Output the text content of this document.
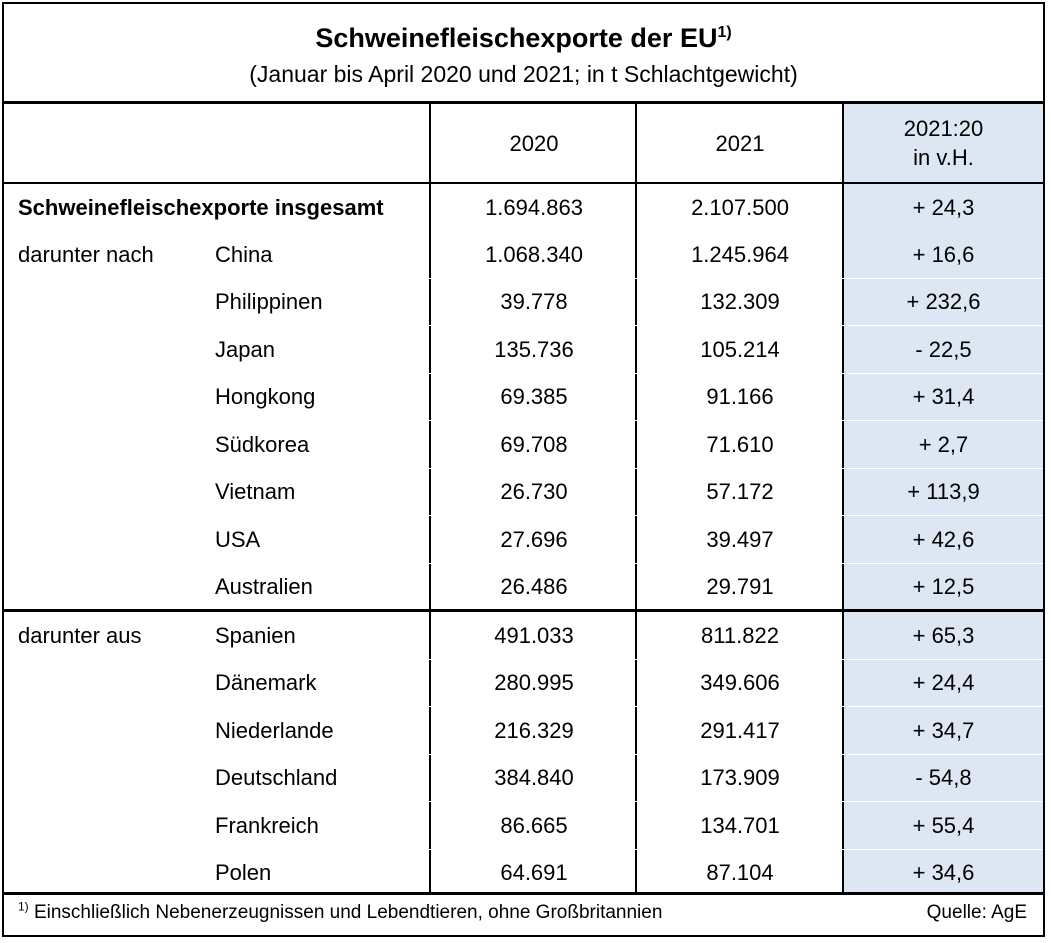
Schweinefleischexporte der EU$^{1)}$
(Januar bis April 2020 und 2021; in t Schlachtgewicht)
2020	2021
2021:20
in v.H.
Schweinefleischexporte insgesamt	1.694.863	2.107.500	+ 24,3
darunter nach	China	1.068.340	1.245.964	+ 16,6
Philippinen	39.778	132.309	+ 232,6
Japan	135.736	105.214	- 22,5
Hongkong	69.385	91.166	+ 31,4
Südkorea	69.708	71.610	+ 2,7
Vietnam	26.730	57.172	+ 113,9
USA	27.696	39.497	+ 42,6
Australien	26.486	29.791	+ 12,5
darunter aus	Spanien	491.033	811.822	+ 65,3
Dänemark	280.995	349.606	+ 24,4
Niederlande	216.329	291.417	+ 34,7
Deutschland	384.840	173.909	- 54,8
Frankreich	86.665	134.701	+ 55,4
Polen	64.691	87.104	+ 34,6
$^{1)}$ Einschließlich Nebenerzeugnissen und Lebendtieren, ohne Großbritannien	Quelle: AgE
